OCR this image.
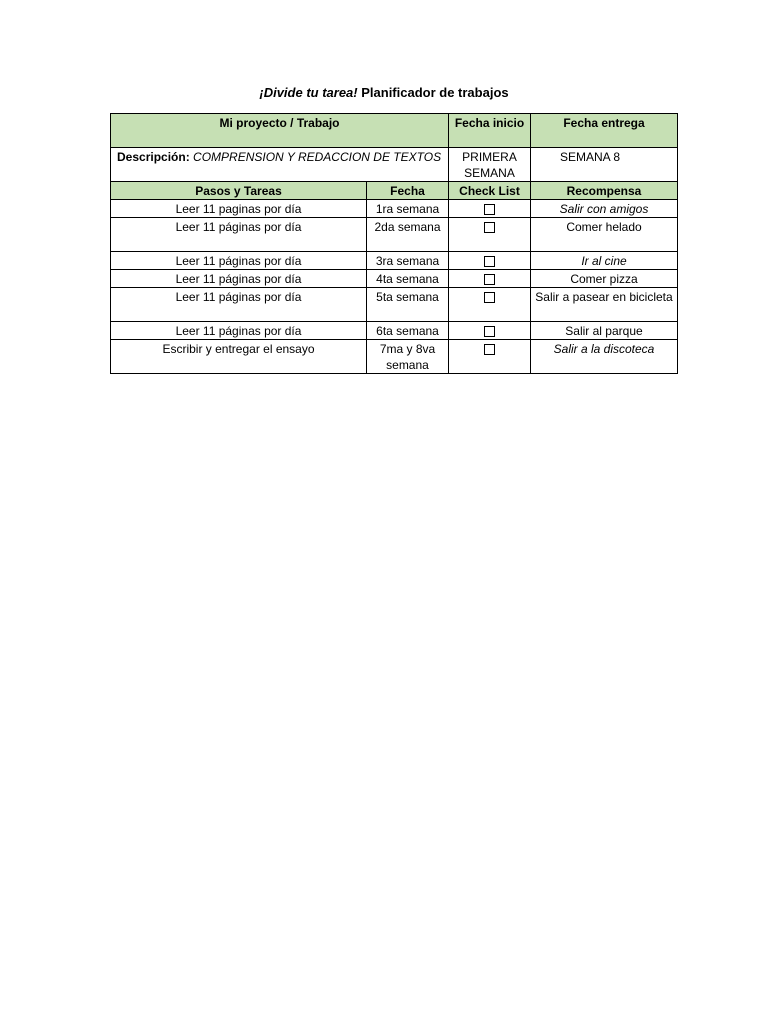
¡Divide tu tarea! Planificador de trabajos
Mi proyecto / Trabajo		Fecha inicio	Fecha entrega
Descripción: COMPRENSION Y REDACCION DE TEXTOS		PRIMERA SEMANA	SEMANA 8
Pasos y Tareas	Fecha	Check List	Recompensa
Leer 11 paginas por día	1ra semana		Salir con amigos
Leer 11 páginas por día	2da semana		Comer helado
Leer 11 páginas por día	3ra semana		Ir al cine
Leer 11 páginas por día	4ta semana		Comer pizza
Leer 11 páginas por día	5ta semana		Salir a pasear en bicicleta
Leer 11 páginas por día	6ta semana		Salir al parque
Escribir y entregar el ensayo	7ma y 8va semana		Salir a la discoteca
